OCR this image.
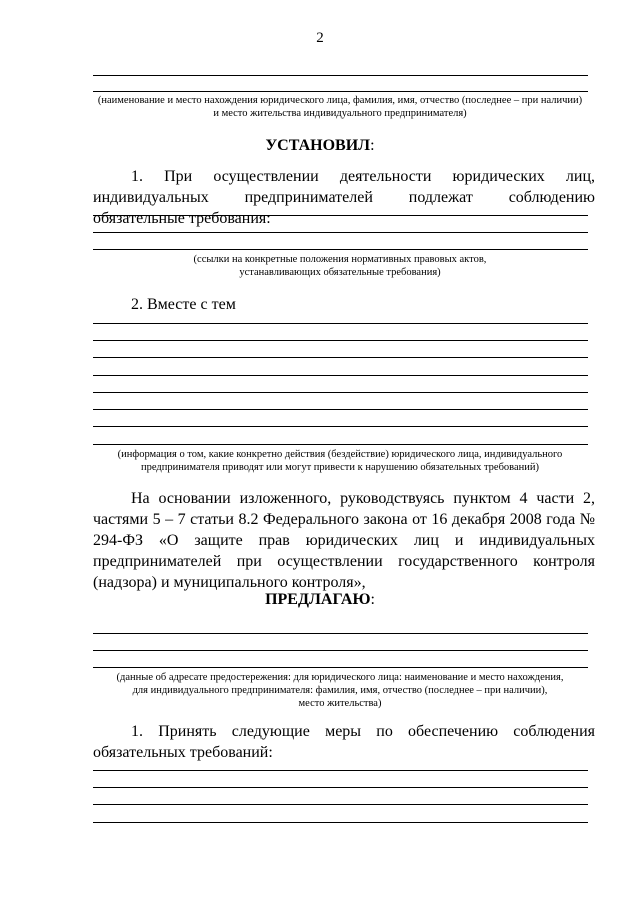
2
(наименование и место нахождения юридического лица, фамилия, имя, отчество (последнее – при наличии)
и место жительства индивидуального предпринимателя)
УСТАНОВИЛ:
1. При осуществлении деятельности юридических лиц, индивидуальных предпринимателей подлежат соблюдению обязательные требования:
(ссылки на конкретные положения нормативных правовых актов,
устанавливающих обязательные требования)
2. Вместе с тем
(информация о том, какие конкретно действия (бездействие) юридического лица, индивидуального
предпринимателя приводят или могут привести к нарушению обязательных требований)
На основании изложенного, руководствуясь пунктом 4 части 2, частями 5 – 7 статьи 8.2 Федерального закона от 16 декабря 2008 года № 294-ФЗ «О защите прав юридических лиц и индивидуальных предпринимателей при осуществлении государственного контроля (надзора) и муниципального контроля»,
ПРЕДЛАГАЮ:
(данные об адресате предостережения: для юридического лица: наименование и место нахождения,
для индивидуального предпринимателя: фамилия, имя, отчество (последнее – при наличии),
место жительства)
1. Принять следующие меры по обеспечению соблюдения обязательных требований:
